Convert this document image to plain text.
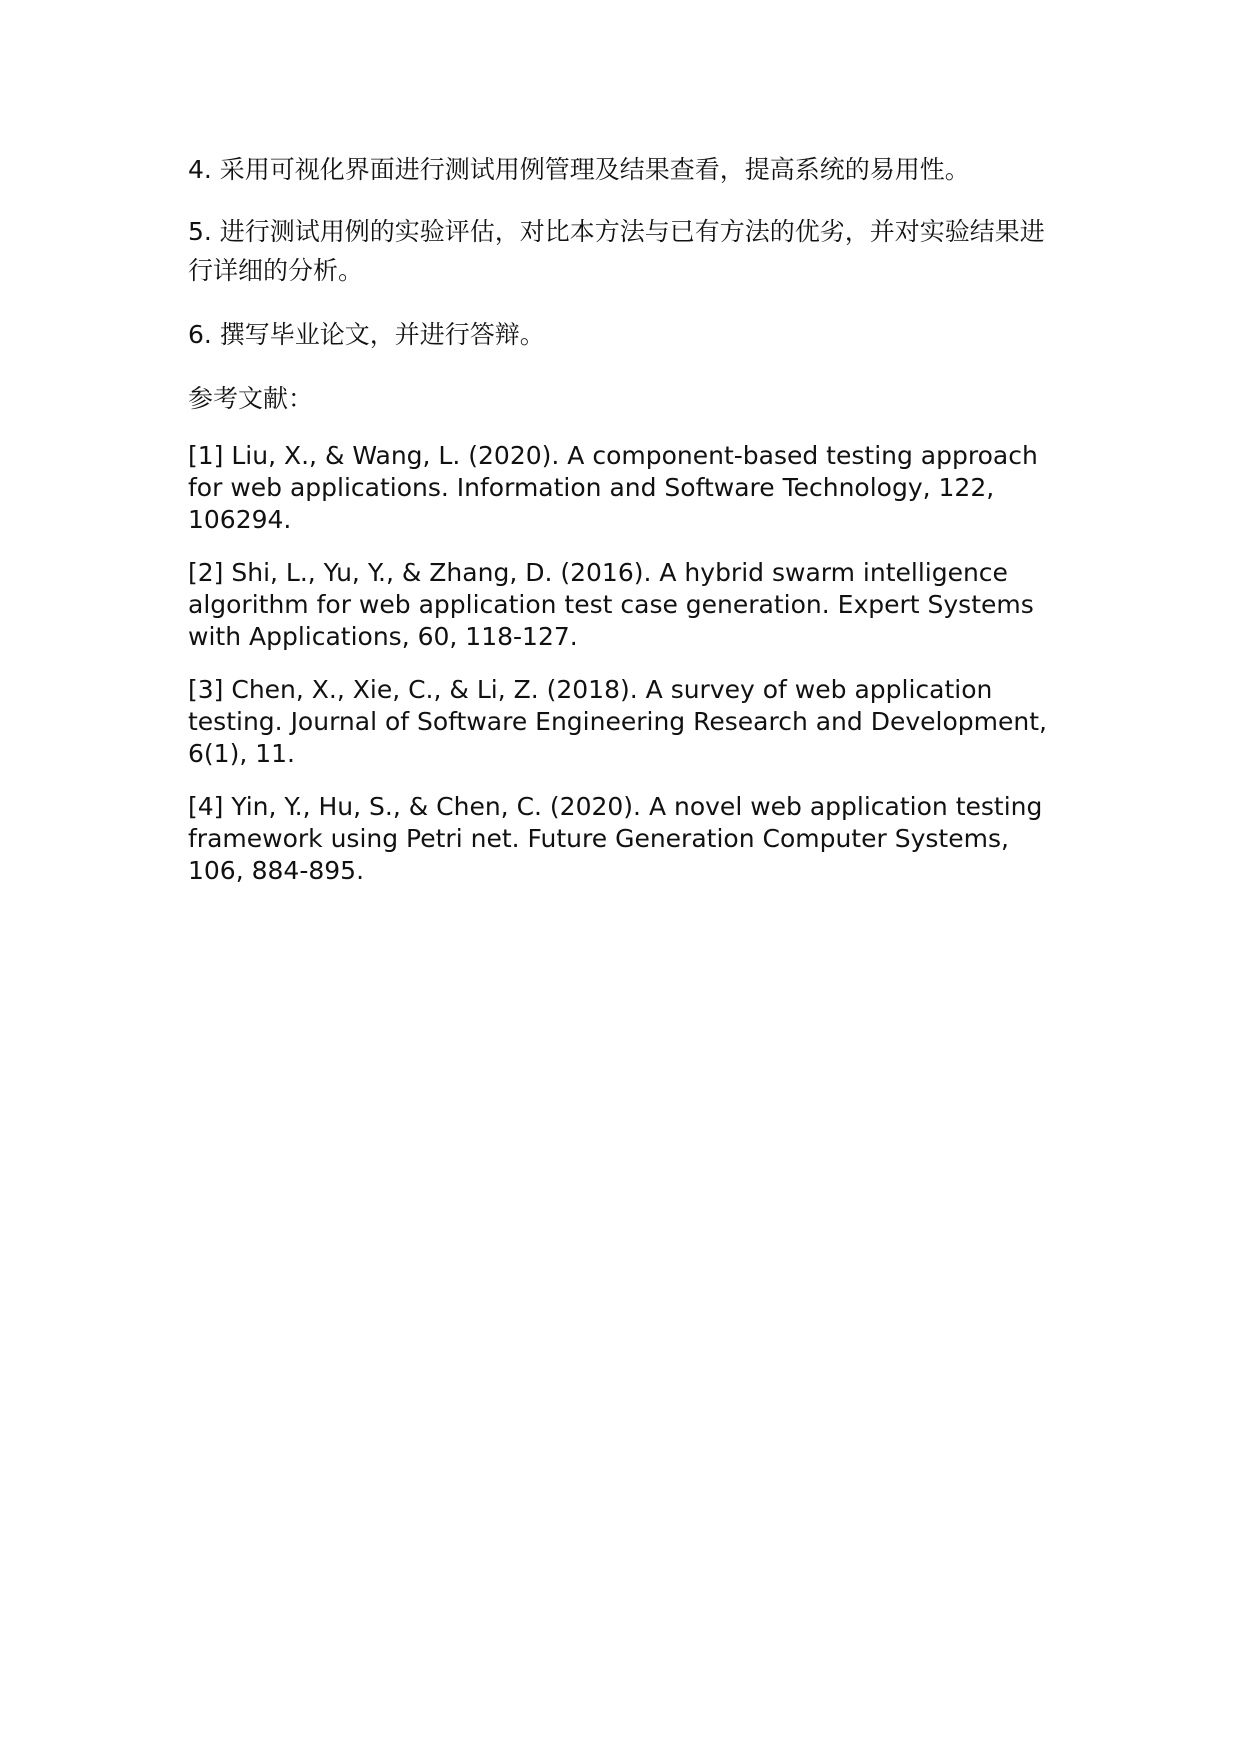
4. 采用可视化界面进行测试用例管理及结果查看，提高系统的易用性。

5. 进行测试用例的实验评估，对比本方法与已有方法的优劣，并对实验结果进行详细的分析。

6. 撰写毕业论文，并进行答辩。

参考文献：

[1] Liu, X., & Wang, L. (2020). A component-based testing approach for web applications. Information and Software Technology, 122, 106294.

[2] Shi, L., Yu, Y., & Zhang, D. (2016). A hybrid swarm intelligence algorithm for web application test case generation. Expert Systems with Applications, 60, 118-127.

[3] Chen, X., Xie, C., & Li, Z. (2018). A survey of web application testing. Journal of Software Engineering Research and Development, 6(1), 11.

[4] Yin, Y., Hu, S., & Chen, C. (2020). A novel web application testing framework using Petri net. Future Generation Computer Systems, 106, 884-895.
